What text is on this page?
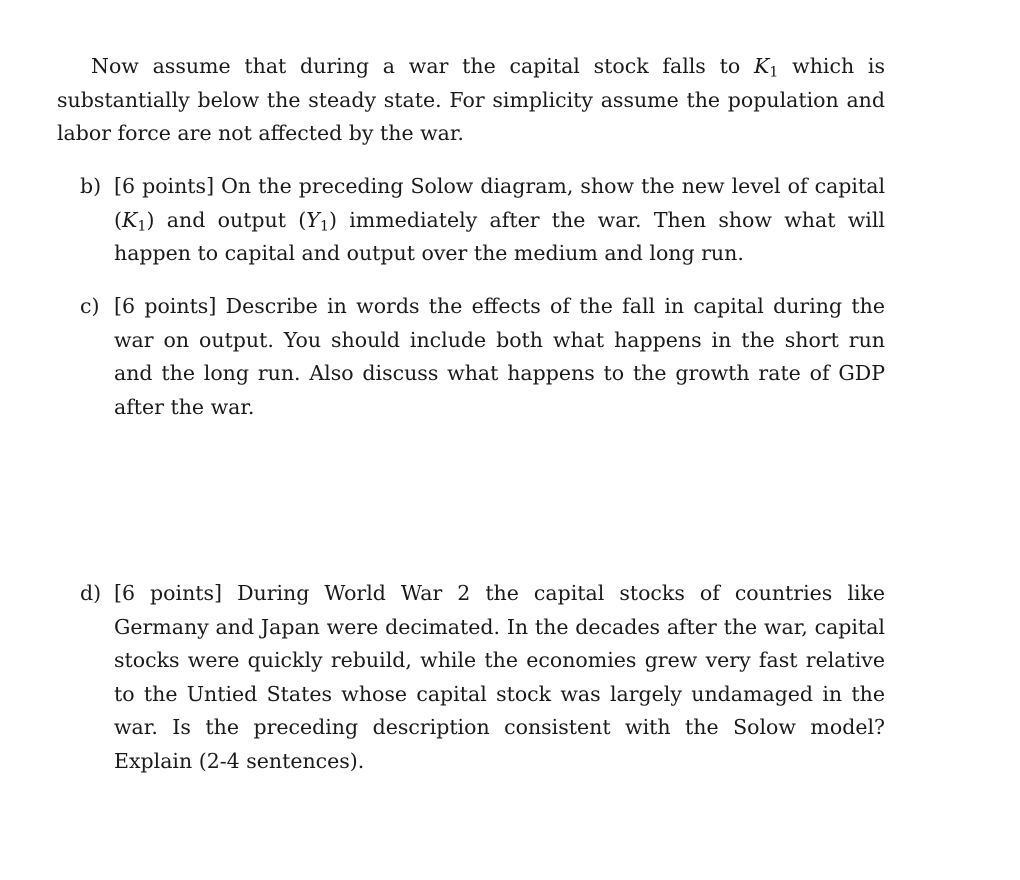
Now assume that during a war the capital stock falls to $K_1$ which is substantially below the steady state. For simplicity assume the population and labor force are not affected by the war.

b) [6 points] On the preceding Solow diagram, show the new level of capital $(K_1)$ and output $(Y_1)$ immediately after the war. Then show what will happen to capital and output over the medium and long run.
c) [6 points] Describe in words the effects of the fall in capital during the war on output. You should include both what happens in the short run and the long run. Also discuss what happens to the growth rate of GDP after the war.
d) [6 points] During World War 2 the capital stocks of countries like Germany and Japan were decimated. In the decades after the war, capital stocks were quickly rebuild, while the economies grew very fast relative to the Untied States whose capital stock was largely undamaged in the war. Is the preceding description consistent with the Solow model? Explain (2-4 sentences).
